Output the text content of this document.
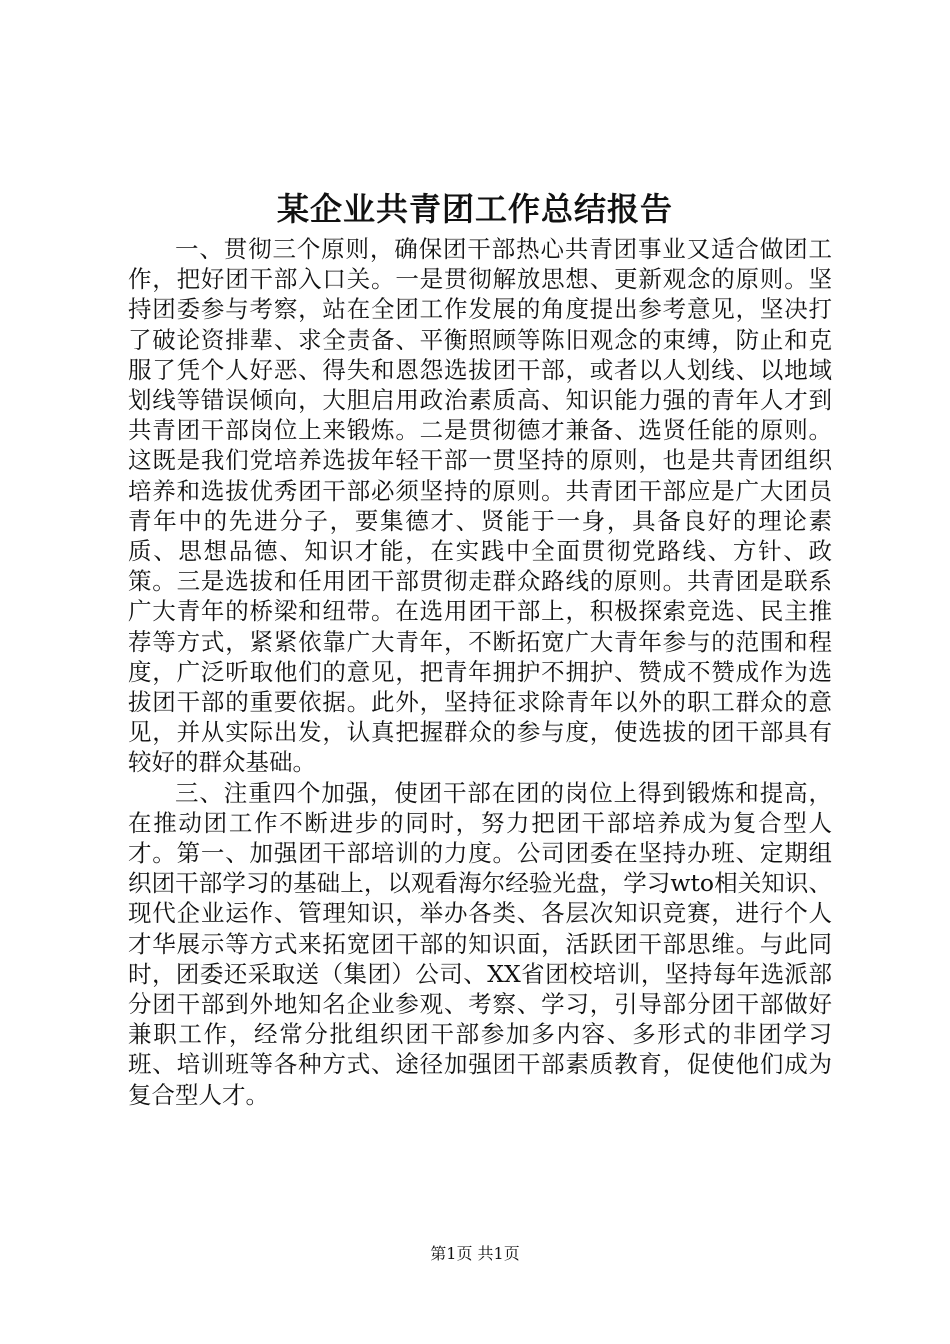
某企业共青团工作总结报告

一、贯彻三个原则，确保团干部热心共青团事业又适合做团工作，把好团干部入口关。一是贯彻解放思想、更新观念的原则。坚持团委参与考察，站在全团工作发展的角度提出参考意见，坚决打了破论资排辈、求全责备、平衡照顾等陈旧观念的束缚，防止和克服了凭个人好恶、得失和恩怨选拔团干部，或者以人划线、以地域划线等错误倾向，大胆启用政治素质高、知识能力强的青年人才到共青团干部岗位上来锻炼。二是贯彻德才兼备、选贤任能的原则。这既是我们党培养选拔年轻干部一贯坚持的原则，也是共青团组织培养和选拔优秀团干部必须坚持的原则。共青团干部应是广大团员青年中的先进分子，要集德才、贤能于一身，具备良好的理论素质、思想品德、知识才能，在实践中全面贯彻党路线、方针、政策。三是选拔和任用团干部贯彻走群众路线的原则。共青团是联系广大青年的桥梁和纽带。在选用团干部上，积极探索竞选、民主推荐等方式，紧紧依靠广大青年，不断拓宽广大青年参与的范围和程度，广泛听取他们的意见，把青年拥护不拥护、赞成不赞成作为选拔团干部的重要依据。此外，坚持征求除青年以外的职工群众的意见，并从实际出发，认真把握群众的参与度，使选拔的团干部具有较好的群众基础。

三、注重四个加强，使团干部在团的岗位上得到锻炼和提高，在推动团工作不断进步的同时，努力把团干部培养成为复合型人才。第一、加强团干部培训的力度。公司团委在坚持办班、定期组织团干部学习的基础上，以观看海尔经验光盘，学习wto相关知识、现代企业运作、管理知识，举办各类、各层次知识竞赛，进行个人才华展示等方式来拓宽团干部的知识面，活跃团干部思维。与此同时，团委还采取送（集团）公司、XX省团校培训，坚持每年选派部分团干部到外地知名企业参观、考察、学习，引导部分团干部做好兼职工作，经常分批组织团干部参加多内容、多形式的非团学习班、培训班等各种方式、途径加强团干部素质教育，促使他们成为复合型人才。

第1页 共1页
